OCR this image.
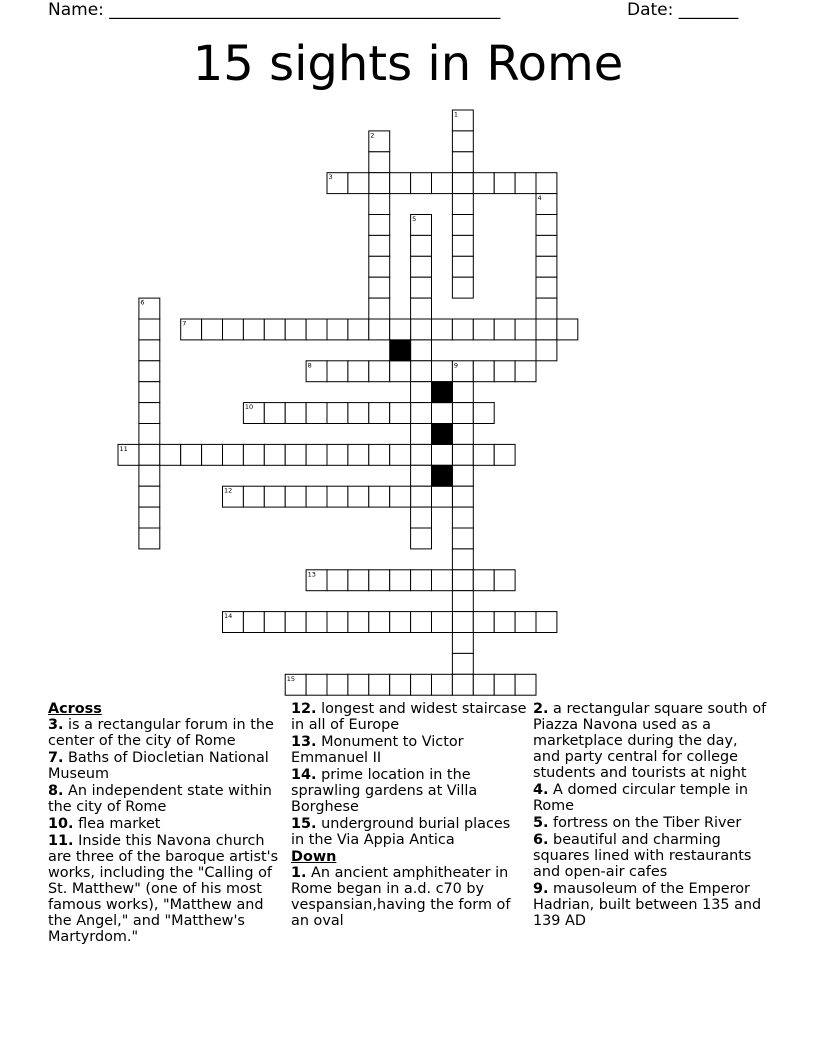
Name: ______________________________________________	Date: _______
15 sights in Rome
1
2
3
4
5
6
7
8	9
10
11
12
13
14
15
Across
3. is a rectangular forum in the center of the city of Rome
7. Baths of Diocletian National Museum
8. An independent state within the city of Rome
10. flea market
11. Inside this Navona church are three of the baroque artist's works, including the "Calling of St. Matthew" (one of his most famous works), "Matthew and the Angel," and "Matthew's Martyrdom."
12. longest and widest staircase in all of Europe
13. Monument to Victor Emmanuel II
14. prime location in the sprawling gardens at Villa Borghese
15. underground burial places in the Via Appia Antica
Down
1. An ancient amphitheater in Rome began in a.d. c70 by vespansian,having the form of an oval
2. a rectangular square south of Piazza Navona used as a marketplace during the day, and party central for college students and tourists at night
4. A domed circular temple in Rome
5. fortress on the Tiber River
6. beautiful and charming squares lined with restaurants and open-air cafes
9. mausoleum of the Emperor Hadrian, built between 135 and 139 AD
